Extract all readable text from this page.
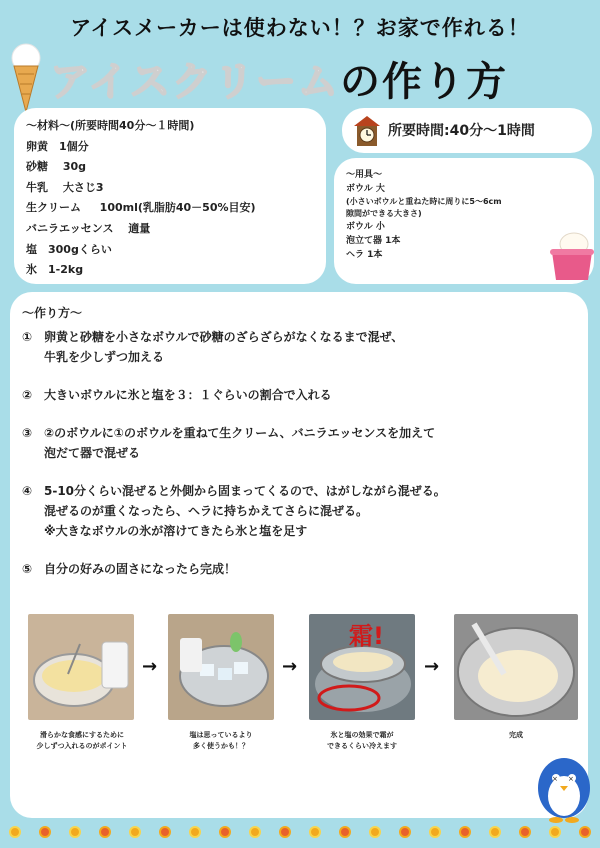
アイスメーカーは使わない！？お家で作れる！
アイスクリームの作り方
〜材料〜(所要時間40分〜１時間)
卵黄　1個分
砂糖　 30g
牛乳　 大さじ3
生クリーム　  100ml(乳脂肪40－50%目安)
バニラエッセンス　 適量
塩　300gくらい
氷　1-2kg
所要時間:40分〜1時間
〜用具〜
ボウル 大
(小さいボウルと重ねた時に周りに5〜6cm
隙間ができる大きさ)
ボウル 小
泡立て器 1本
ヘラ 1本
〜作り方〜
① 卵黄と砂糖を小さなボウルで砂糖のざらざらがなくなるまで混ぜ、
牛乳を少しずつ加える
② 大きいボウルに氷と塩を３：１ぐらいの割合で入れる
③ ②のボウルに①のボウルを重ねて生クリーム、バニラエッセンスを加えて
泡だて器で混ぜる
④ 5-10分くらい混ぜると外側から固まってくるので、はがしながら混ぜる。
混ぜるのが重くなったら、ヘラに持ちかえてさらに混ぜる。
※大きなボウルの氷が溶けてきたら氷と塩を足す
⑤ 自分の好みの固さになったら完成！
→	→
霜!
→
滑らかな食感にするために
少しずつ入れるのがポイント
塩は思っているより
多く使うかも！？
氷と塩の効果で霜が
できるくらい冷えます
完成
× ×
